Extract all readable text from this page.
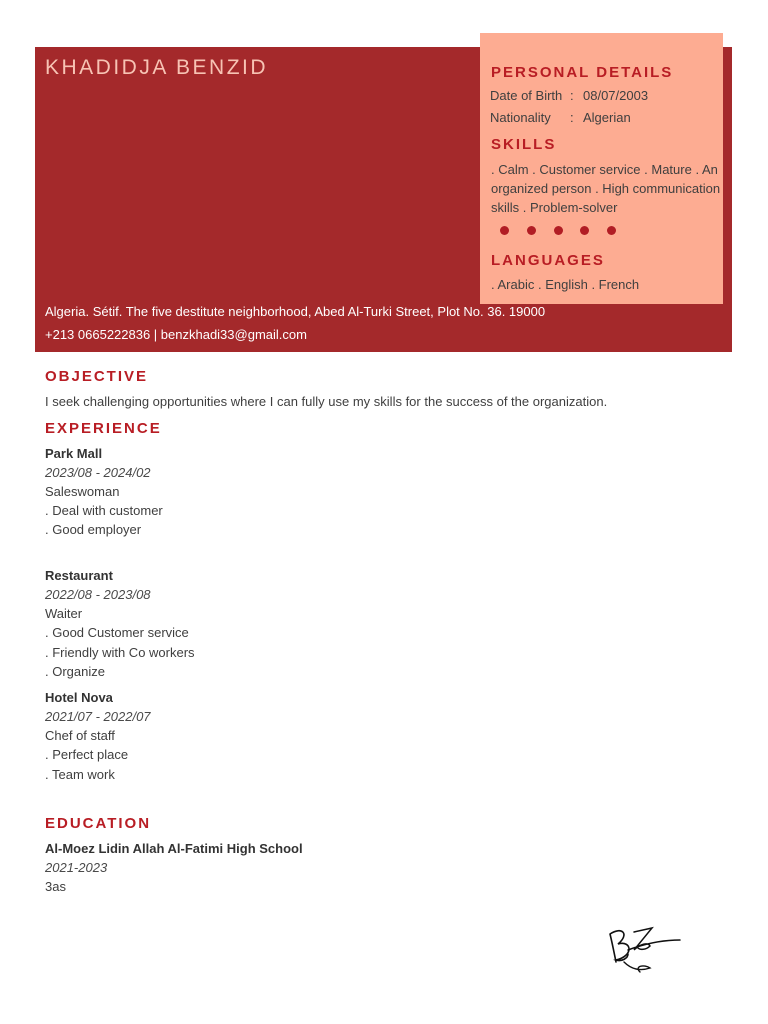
KHADIDJA BENZID
Algeria. Sétif. The five destitute neighborhood, Abed Al-Turki Street, Plot No. 36. 19000
+213 0665222836 | benzkhadi33@gmail.com
PERSONAL DETAILS
Date of Birth : 08/07/2003
Nationality : Algerian
SKILLS
. Calm . Customer service . Mature . An organized person . High communication skills . Problem-solver
LANGUAGES
. Arabic . English . French
OBJECTIVE
I seek challenging opportunities where I can fully use my skills for the success of the organization.
EXPERIENCE
Park Mall
2023/08 - 2024/02
Saleswoman
. Deal with customer
. Good employer
Restaurant
2022/08 - 2023/08
Waiter
. Good Customer service
. Friendly with Co workers
. Organize
Hotel Nova
2021/07 - 2022/07
Chef of staff
. Perfect place
. Team work
EDUCATION
Al-Moez Lidin Allah Al-Fatimi High School
2021-2023
3as
